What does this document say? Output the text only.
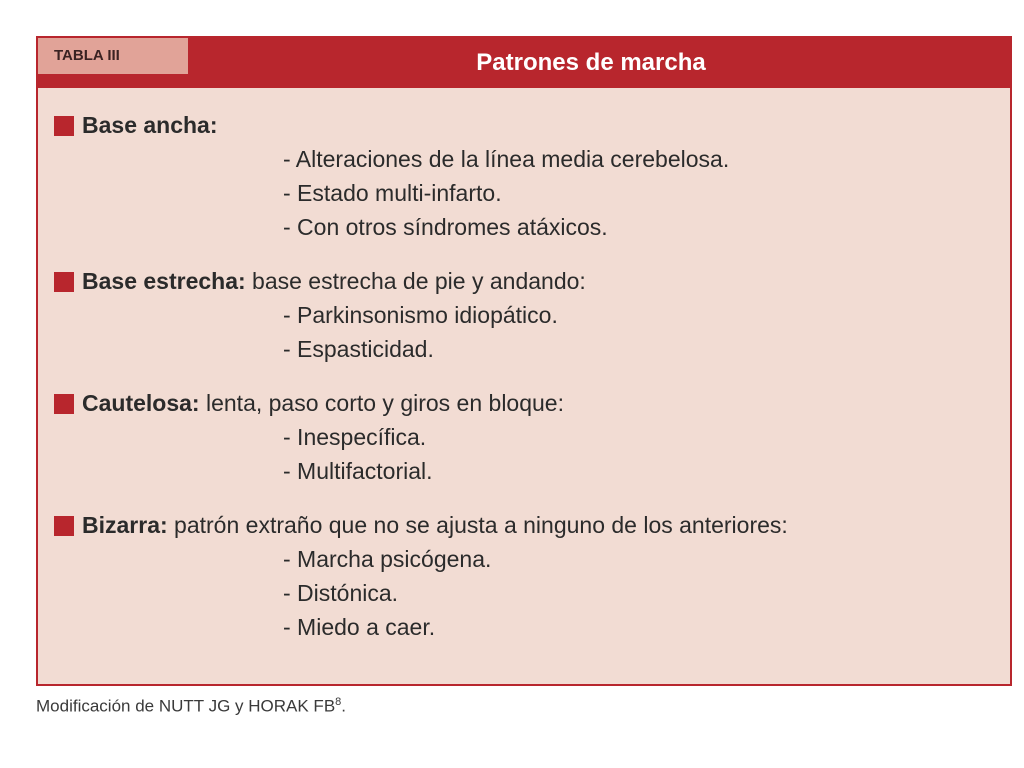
TABLA III	Patrones de marcha
Base ancha:
- Alteraciones de la línea media cerebelosa.
- Estado multi-infarto.
- Con otros síndromes atáxicos.
Base estrecha: base estrecha de pie y andando:
- Parkinsonismo idiopático.
- Espasticidad.
Cautelosa: lenta, paso corto y giros en bloque:
- Inespecífica.
- Multifactorial.
Bizarra: patrón extraño que no se ajusta a ninguno de los anteriores:
- Marcha psicógena.
- Distónica.
- Miedo a caer.
Modificación de NUTT JG y HORAK $FB^8$.
